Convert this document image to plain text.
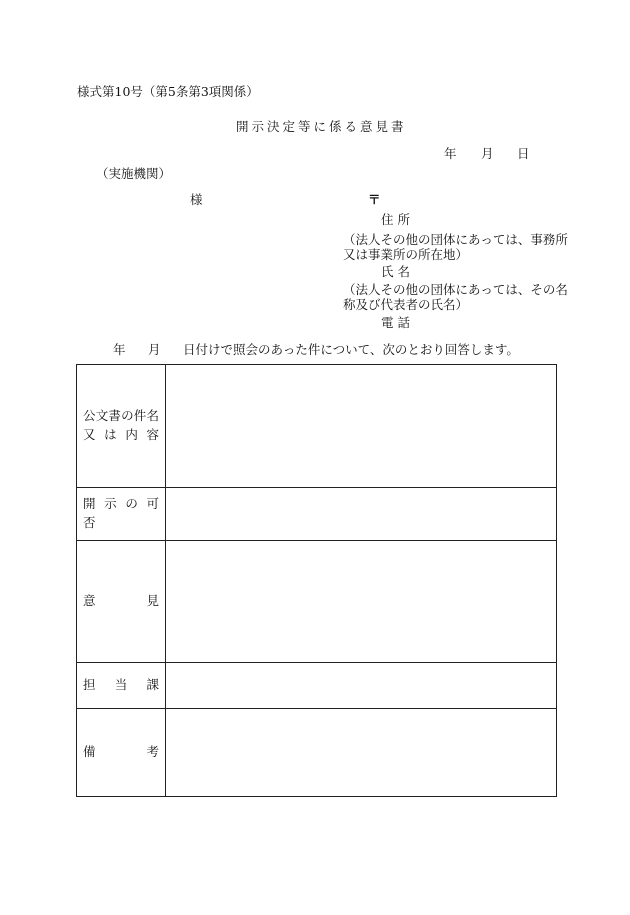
様式第10号（第5条第3項関係）
開示決定等に係る意見書
年 月 日
（実施機関）
様	〒
住 所
（法人その他の団体にあっては、事務所
又は事業所の所在地）
氏 名
（法人その他の団体にあっては、その名
称及び代表者の氏名）
電 話
年 月 日付けで照会のあった件について、次のとおり回答します。
公文書の件名
又 は 内 容	

開 示 の 可 否	

意 見	

担 当 課	

備 考	
